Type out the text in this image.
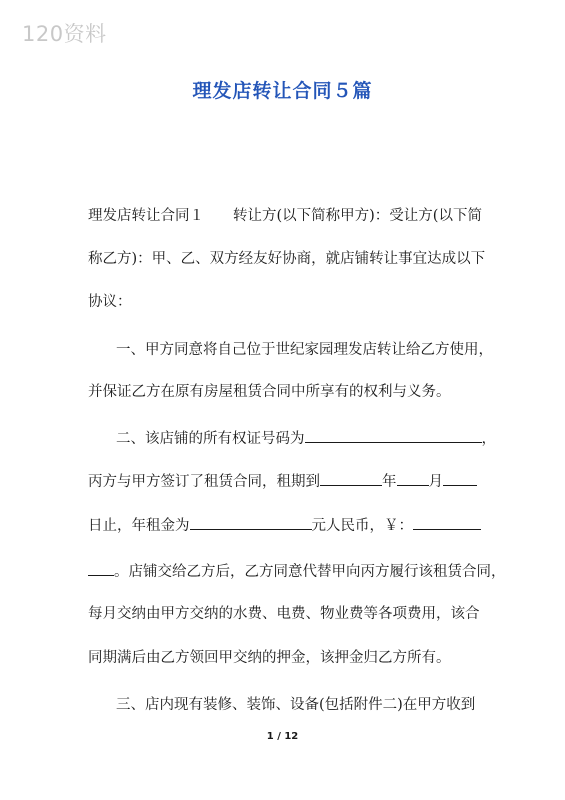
120资料
理发店转让合同５篇
理发店转让合同１　　转让方(以下简称甲方)：受让方(以下简
称乙方)：甲、乙、双方经友好协商，就店铺转让事宜达成以下
协议：
一、甲方同意将自己位于世纪家园理发店转让给乙方使用，
并保证乙方在原有房屋租赁合同中所享有的权利与义务。
二、该店铺的所有权证号码为	，
丙方与甲方签订了租赁合同，租期到	年 月
日止，年租金为	元人民币，￥：
。店铺交给乙方后，乙方同意代替甲向丙方履行该租赁合同，
每月交纳由甲方交纳的水费、电费、物业费等各项费用，该合
同期满后由乙方领回甲交纳的押金，该押金归乙方所有。
三、店内现有装修、装饰、设备(包括附件二)在甲方收到
1 / 12
